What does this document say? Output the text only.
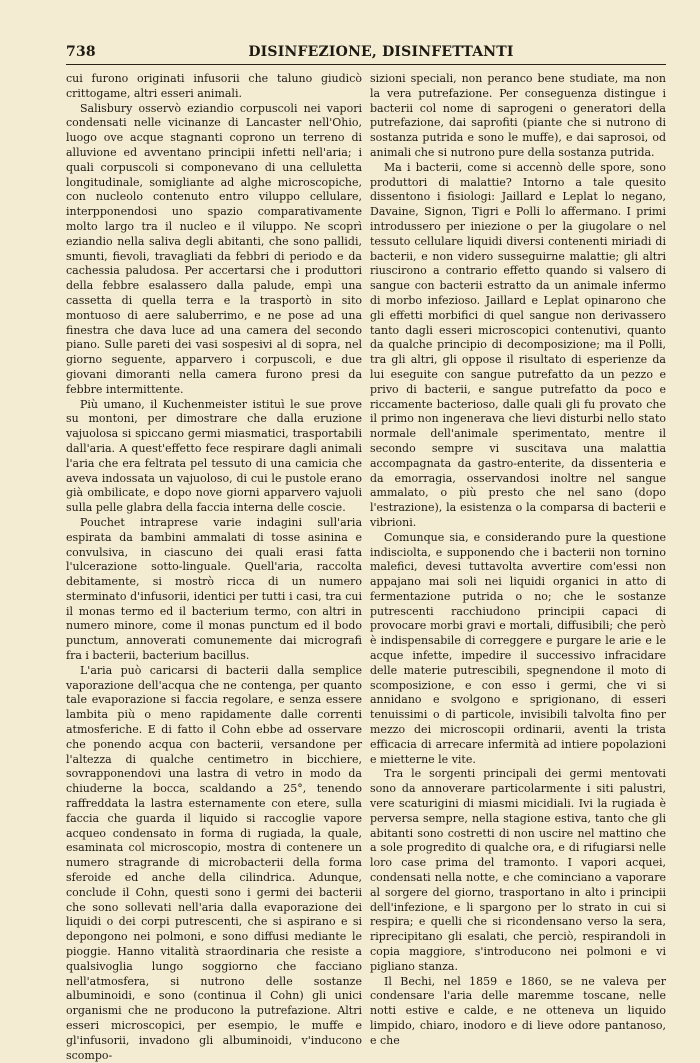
738	DISINFEZIONE, DISINFETTANTI

cui furono originati infusorii che taluno giudicò crittogame, altri esseri animali.

Salisbury osservò eziandio corpuscoli nei vapori condensati nelle vicinanze di Lancaster nell'Ohio, luogo ove acque stagnanti coprono un terreno di alluvione ed avventano principii infetti nell'aria; i quali corpuscoli si componevano di una celluletta longitudinale, somigliante ad alghe microscopiche, con nucleolo contenuto entro viluppo cellulare, interpponendosi uno spazio comparativamente molto largo tra il nucleo e il viluppo. Ne scoprì eziandio nella saliva degli abitanti, che sono pallidi, smunti, fievoli, travagliati da febbri di periodo e da cachessia paludosa. Per accertarsi che i produttori della febbre esalassero dalla palude, empì una cassetta di quella terra e la trasportò in sito montuoso di aere saluberrimo, e ne pose ad una finestra che dava luce ad una camera del secondo piano. Sulle pareti dei vasi sospesivi al di sopra, nel giorno seguente, apparvero i corpuscoli, e due giovani dimoranti nella camera furono presi da febbre intermittente.

Più umano, il Kuchenmeister istituì le sue prove su montoni, per dimostrare che dalla eruzione vajuolosa si spiccano germi miasmatici, trasportabili dall'aria. A quest'effetto fece respirare dagli animali l'aria che era feltrata pel tessuto di una camicia che aveva indossata un vajuoloso, di cui le pustole erano già ombilicate, e dopo nove giorni apparvero vajuoli sulla pelle glabra della faccia interna delle coscie.

Pouchet intraprese varie indagini sull'aria espirata da bambini ammalati di tosse asinina e convulsiva, in ciascuno dei quali erasi fatta l'ulcerazione sotto-linguale. Quell'aria, raccolta debitamente, si mostrò ricca di un numero sterminato d'infusorii, identici per tutti i casi, tra cui il monas termo ed il bacterium termo, con altri in numero minore, come il monas punctum ed il bodo punctum, annoverati comunemente dai micrografi fra i bacterii, bacterium bacillus.

L'aria può caricarsi di bacterii dalla semplice vaporazione dell'acqua che ne contenga, per quanto tale evaporazione si faccia regolare, e senza essere lambita più o meno rapidamente dalle correnti atmosferiche. E di fatto il Cohn ebbe ad osservare che ponendo acqua con bacterii, versandone per l'altezza di qualche centimetro in bicchiere, sovrapponendovi una lastra di vetro in modo da chiuderne la bocca, scaldando a 25°, tenendo raffreddata la lastra esternamente con etere, sulla faccia che guarda il liquido si raccoglie vapore acqueo condensato in forma di rugiada, la quale, esaminata col microscopio, mostra di contenere un numero stragrande di microbacterii della forma sferoide ed anche della cilindrica. Adunque, conclude il Cohn, questi sono i germi dei bacterii che sono sollevati nell'aria dalla evaporazione dei liquidi o dei corpi putrescenti, che si aspirano e si depongono nei polmoni, e sono diffusi mediante le pioggie. Hanno vitalità straordinaria che resiste a qualsivoglia lungo soggiorno che facciano nell'atmosfera, si nutrono delle sostanze albuminoidi, e sono (continua il Cohn) gli unici organismi che ne producono la putrefazione. Altri esseri microscopici, per esempio, le muffe e gl'infusorii, invadono gli albuminoidi, v'inducono scompo-

sizioni speciali, non peranco bene studiate, ma non la vera putrefazione. Per conseguenza distingue i bacterii col nome di saprogeni o generatori della putrefazione, dai saprofiti (piante che si nutrono di sostanza putrida e sono le muffe), e dai saprosoi, od animali che si nutrono pure della sostanza putrida.

Ma i bacterii, come si accennò delle spore, sono produttori di malattie? Intorno a tale quesito dissentono i fisiologi: Jaillard e Leplat lo negano, Davaine, Signon, Tigri e Polli lo affermano. I primi introdussero per iniezione o per la giugolare o nel tessuto cellulare liquidi diversi contenenti miriadi di bacterii, e non videro susseguirne malattie; gli altri riuscirono a contrario effetto quando si valsero di sangue con bacterii estratto da un animale infermo di morbo infezioso. Jaillard e Leplat opinarono che gli effetti morbifici di quel sangue non derivassero tanto dagli esseri microscopici contenutivi, quanto da qualche principio di decomposizione; ma il Polli, tra gli altri, gli oppose il risultato di esperienze da lui eseguite con sangue putrefatto da un pezzo e privo di bacterii, e sangue putrefatto da poco e riccamente bacterioso, dalle quali gli fu provato che il primo non ingenerava che lievi disturbi nello stato normale dell'animale sperimentato, mentre il secondo sempre vi suscitava una malattia accompagnata da gastro-enterite, da dissenteria e da emorragia, osservandosi inoltre nel sangue ammalato, o più presto che nel sano (dopo l'estrazione), la esistenza o la comparsa di bacterii e vibrioni.

Comunque sia, e considerando pure la questione indisciolta, e supponendo che i bacterii non tornino malefici, devesi tuttavolta avvertire com'essi non appajano mai soli nei liquidi organici in atto di fermentazione putrida o no; che le sostanze putrescenti racchiudono principii capaci di provocare morbi gravi e mortali, diffusibili; che però è indispensabile di correggere e purgare le arie e le acque infette, impedire il successivo infracidare delle materie putrescibili, spegnendone il moto di scomposizione, e con esso i germi, che vi si annidano e svolgono e sprigionano, di esseri tenuissimi o di particole, invisibili talvolta fino per mezzo dei microscopii ordinarii, aventi la trista efficacia di arrecare infermità ad intiere popolazioni e mietterne le vite.

Tra le sorgenti principali dei germi mentovati sono da annoverare particolarmente i siti palustri, vere scaturigini di miasmi micidiali. Ivi la rugiada è perversa sempre, nella stagione estiva, tanto che gli abitanti sono costretti di non uscire nel mattino che a sole progredito di qualche ora, e di rifugiarsi nelle loro case prima del tramonto. I vapori acquei, condensati nella notte, e che cominciano a vaporare al sorgere del giorno, trasportano in alto i principii dell'infezione, e li spargono per lo strato in cui si respira; e quelli che si ricondensano verso la sera, riprecipitano gli esalati, che perciò, respirandoli in copia maggiore, s'introducono nei polmoni e vi pigliano stanza.

Il Bechi, nel 1859 e 1860, se ne valeva per condensare l'aria delle maremme toscane, nelle notti estive e calde, e ne otteneva un liquido limpido, chiaro, inodoro e di lieve odore pantanoso, e che
